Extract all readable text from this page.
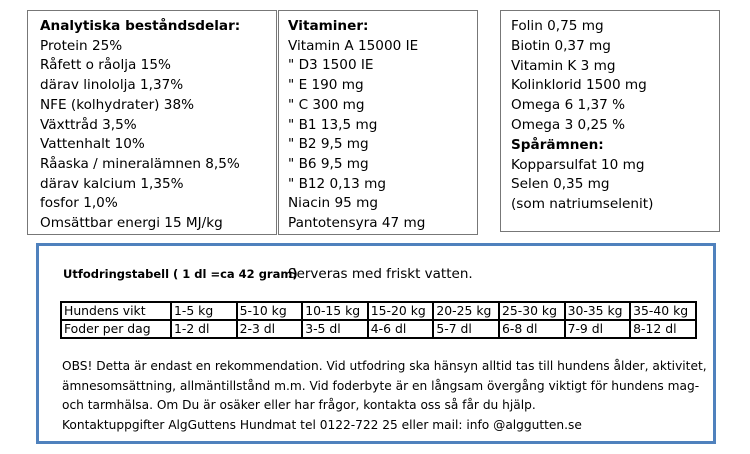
Analytiska beståndsdelar:
Protein 25%
Råfett o råolja 15%
därav linololja 1,37%
NFE (kolhydrater) 38%
Växttråd 3,5%
Vattenhalt 10%
Råaska / mineralämnen 8,5%
därav kalcium 1,35%
fosfor 1,0%
Omsättbar energi 15 MJ/kg
Vitaminer:
Vitamin A 15000 IE
" D3 1500 IE
" E 190 mg
" C 300 mg
" B1 13,5 mg
" B2 9,5 mg
" B6 9,5 mg
" B12 0,13 mg
Niacin 95 mg
Pantotensyra 47 mg
Folin 0,75 mg
Biotin 0,37 mg
Vitamin K 3 mg
Kolinklorid 1500 mg
Omega 6 1,37 %
Omega 3 0,25 %
Spårämnen:
Kopparsulfat 10 mg
Selen 0,35 mg
(som natriumselenit)
Utfodringstabell ( 1 dl =ca 42 gram)
Serveras med friskt vatten.
Hundens vikt	1-5 kg	5-10 kg	10-15 kg	15-20 kg	20-25 kg	25-30 kg	30-35 kg	35-40 kg
Foder per dag	1-2 dl	2-3 dl	3-5 dl	4-6 dl	5-7 dl	6-8 dl	7-9 dl	8-12 dl
OBS! Detta är endast en rekommendation. Vid utfodring ska hänsyn alltid tas till hundens ålder, aktivitet,
ämnesomsättning, allmäntillstånd m.m. Vid foderbyte är en långsam övergång viktigt för hundens mag-
och tarmhälsa. Om Du är osäker eller har frågor, kontakta oss så får du hjälp.
Kontaktuppgifter AlgGuttens Hundmat tel 0122-722 25 eller mail: info @alggutten.se
